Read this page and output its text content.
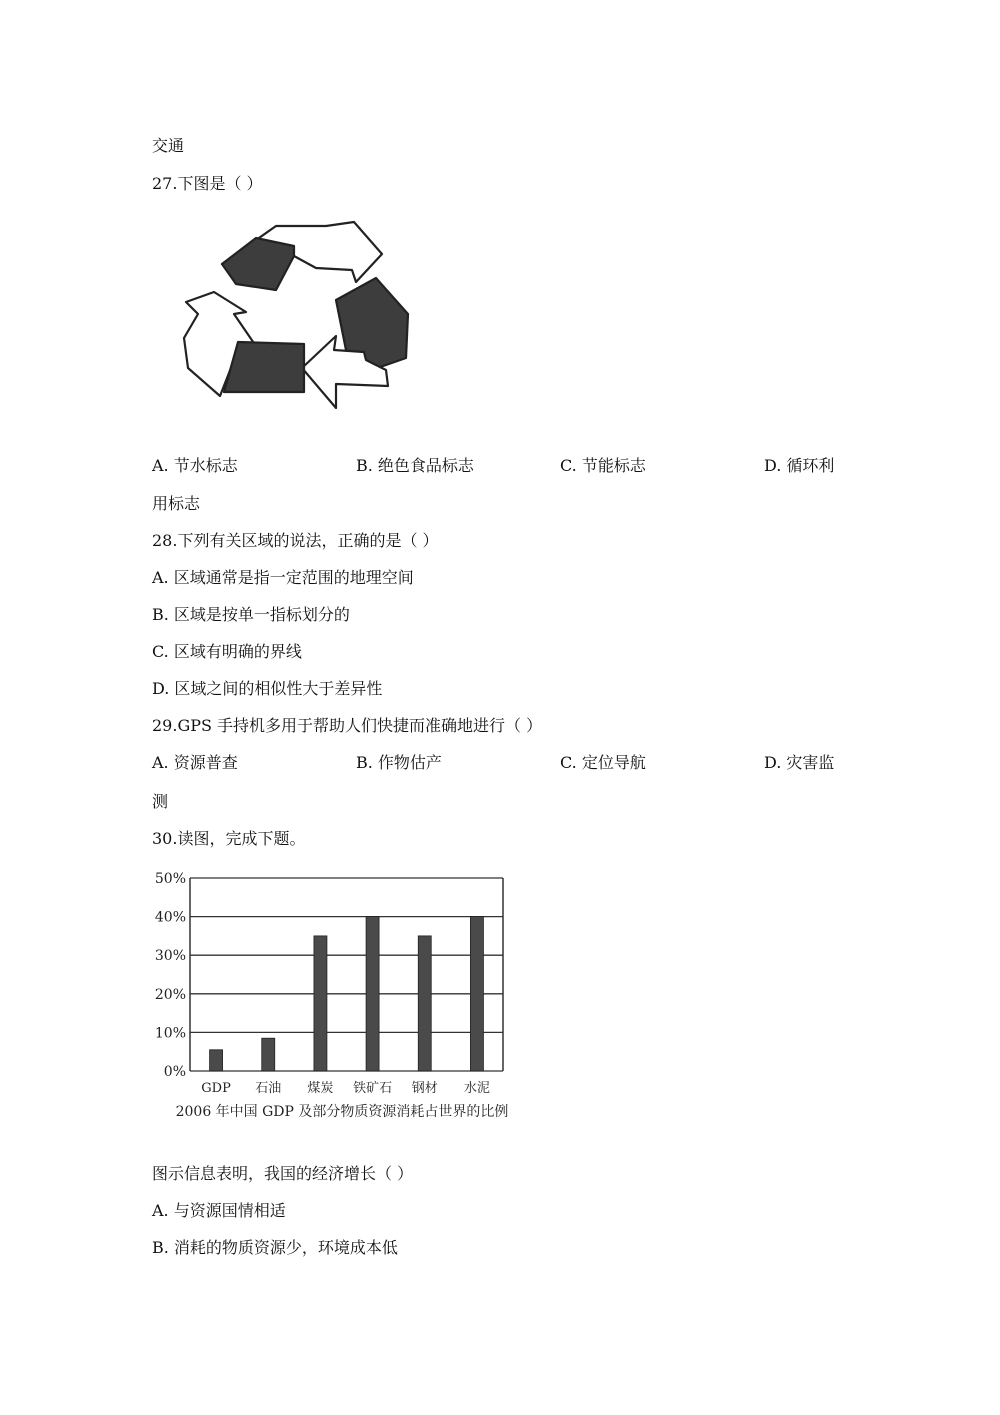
交通
27.下图是（ ）
A. 节水标志	B. 绝色食品标志	C. 节能标志	D. 循环利
用标志
28.下列有关区域的说法，正确的是（ ）
A. 区域通常是指一定范围的地理空间
B. 区域是按单一指标划分的
C. 区域有明确的界线
D. 区域之间的相似性大于差异性
29.GPS 手持机多用于帮助人们快捷而准确地进行（ ）
A. 资源普查	B. 作物估产	C. 定位导航	D. 灾害监
测
30.读图，完成下题。
0%
10%
20%
30%
40%
50%
GDP 石油 煤炭 铁矿石 钢材 水泥
2006 年中国 GDP 及部分物质资源消耗占世界的比例
图示信息表明，我国的经济增长（ ）
A. 与资源国情相适
B. 消耗的物质资源少，环境成本低
